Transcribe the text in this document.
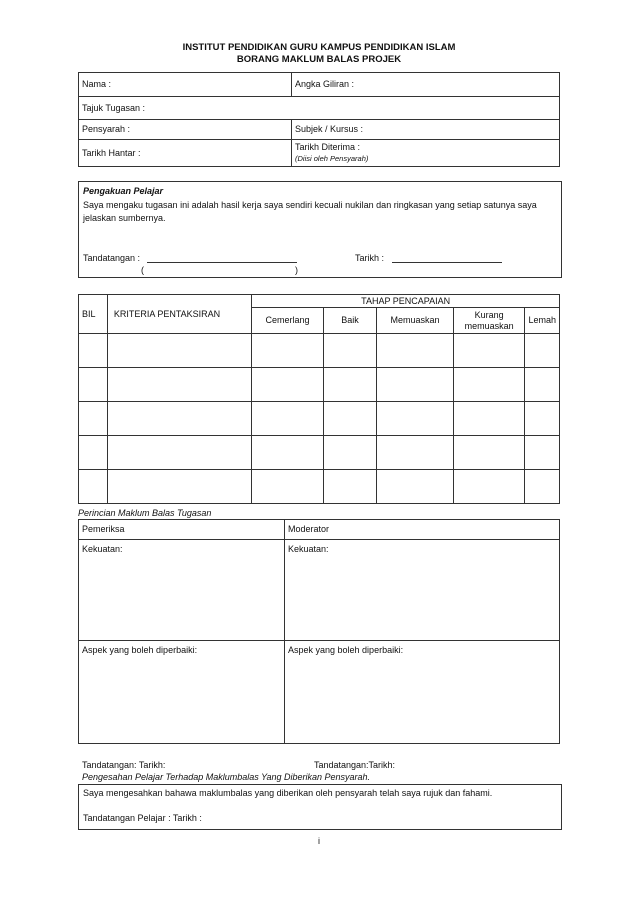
INSTITUT PENDIDIKAN GURU KAMPUS PENDIDIKAN ISLAM
BORANG MAKLUM BALAS PROJEK
Nama :	Angka Giliran :
Tajuk Tugasan :	
Pensyarah :	Subjek / Kursus :
Tarikh Hantar :	Tarikh Diterima :
(Diisi oleh Pensyarah)
Pengakuan Pelajar
Saya mengaku tugasan ini adalah hasil kerja saya sendiri kecuali nukilan dan ringkasan yang setiap satunya saya jelaskan sumbernya.
Tandatangan :	Tarikh :
(	)
BIL	KRITERIA PENTAKSIRAN	TAHAP PENCAPAIAN				
		Cemerlang	Baik	Memuaskan	Kurang memuaskan	Lemah

Perincian Maklum Balas Tugasan
Pemeriksa	Moderator
Kekuatan:	Kekuatan:
Aspek yang boleh diperbaiki:	Aspek yang boleh diperbaiki:
Tandatangan: Tarikh:	Tandatangan:Tarikh:
Pengesahan Pelajar Terhadap Maklumbalas Yang Diberikan Pensyarah.
Saya mengesahkan bahawa maklumbalas yang diberikan oleh pensyarah telah saya rujuk dan fahami.
Tandatangan Pelajar : Tarikh :
i
